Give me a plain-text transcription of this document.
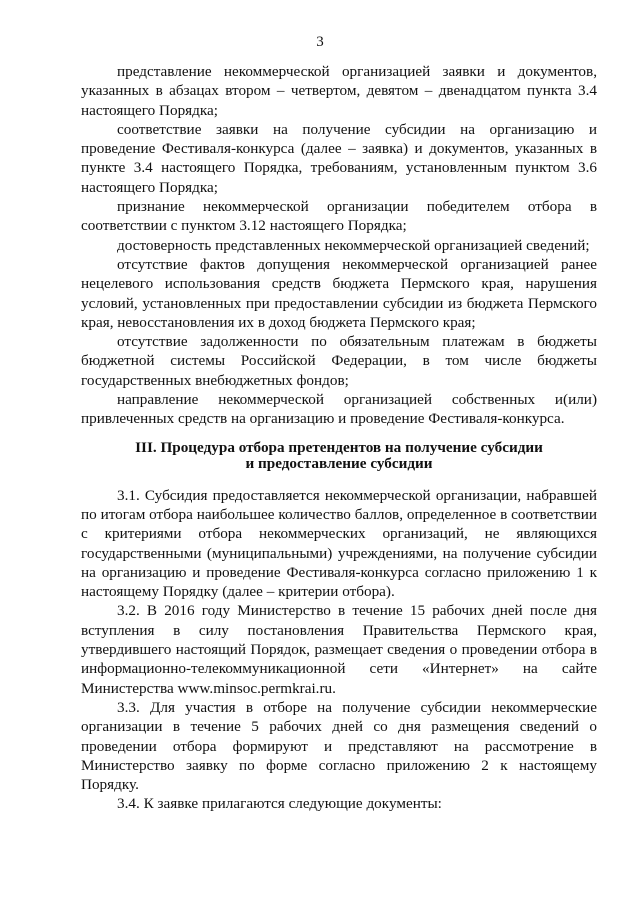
3

представление некоммерческой организацией заявки и документов, указанных в абзацах втором – четвертом, девятом – двенадцатом пункта 3.4 настоящего Порядка;

соответствие заявки на получение субсидии на организацию и проведение Фестиваля-конкурса (далее – заявка) и документов, указанных в пункте 3.4 настоящего Порядка, требованиям, установленным пунктом 3.6 настоящего Порядка;

признание некоммерческой организации победителем отбора в соответствии с пунктом 3.12 настоящего Порядка;

достоверность представленных некоммерческой организацией сведений;

отсутствие фактов допущения некоммерческой организацией ранее нецелевого использования средств бюджета Пермского края, нарушения условий, установленных при предоставлении субсидии из бюджета Пермского края, невосстановления их в доход бюджета Пермского края;

отсутствие задолженности по обязательным платежам в бюджеты бюджетной системы Российской Федерации, в том числе бюджеты государственных внебюджетных фондов;

направление некоммерческой организацией собственных и(или) привлеченных средств на организацию и проведение Фестиваля-конкурса.

III. Процедура отбора претендентов на получение субсидии
и предоставление субсидии

3.1. Субсидия предоставляется некоммерческой организации, набравшей по итогам отбора наибольшее количество баллов, определенное в соответствии с критериями отбора некоммерческих организаций, не являющихся государственными (муниципальными) учреждениями, на получение субсидии на организацию и проведение Фестиваля-конкурса согласно приложению 1 к настоящему Порядку (далее – критерии отбора).

3.2. В 2016 году Министерство в течение 15 рабочих дней после дня вступления в силу постановления Правительства Пермского края, утвердившего настоящий Порядок, размещает сведения о проведении отбора в информационно-телекоммуникационной сети «Интернет» на сайте Министерства www.minsoc.permkrai.ru.

3.3. Для участия в отборе на получение субсидии некоммерческие организации в течение 5 рабочих дней со дня размещения сведений о проведении отбора формируют и представляют на рассмотрение в Министерство заявку по форме согласно приложению 2 к настоящему Порядку.

3.4. К заявке прилагаются следующие документы:
